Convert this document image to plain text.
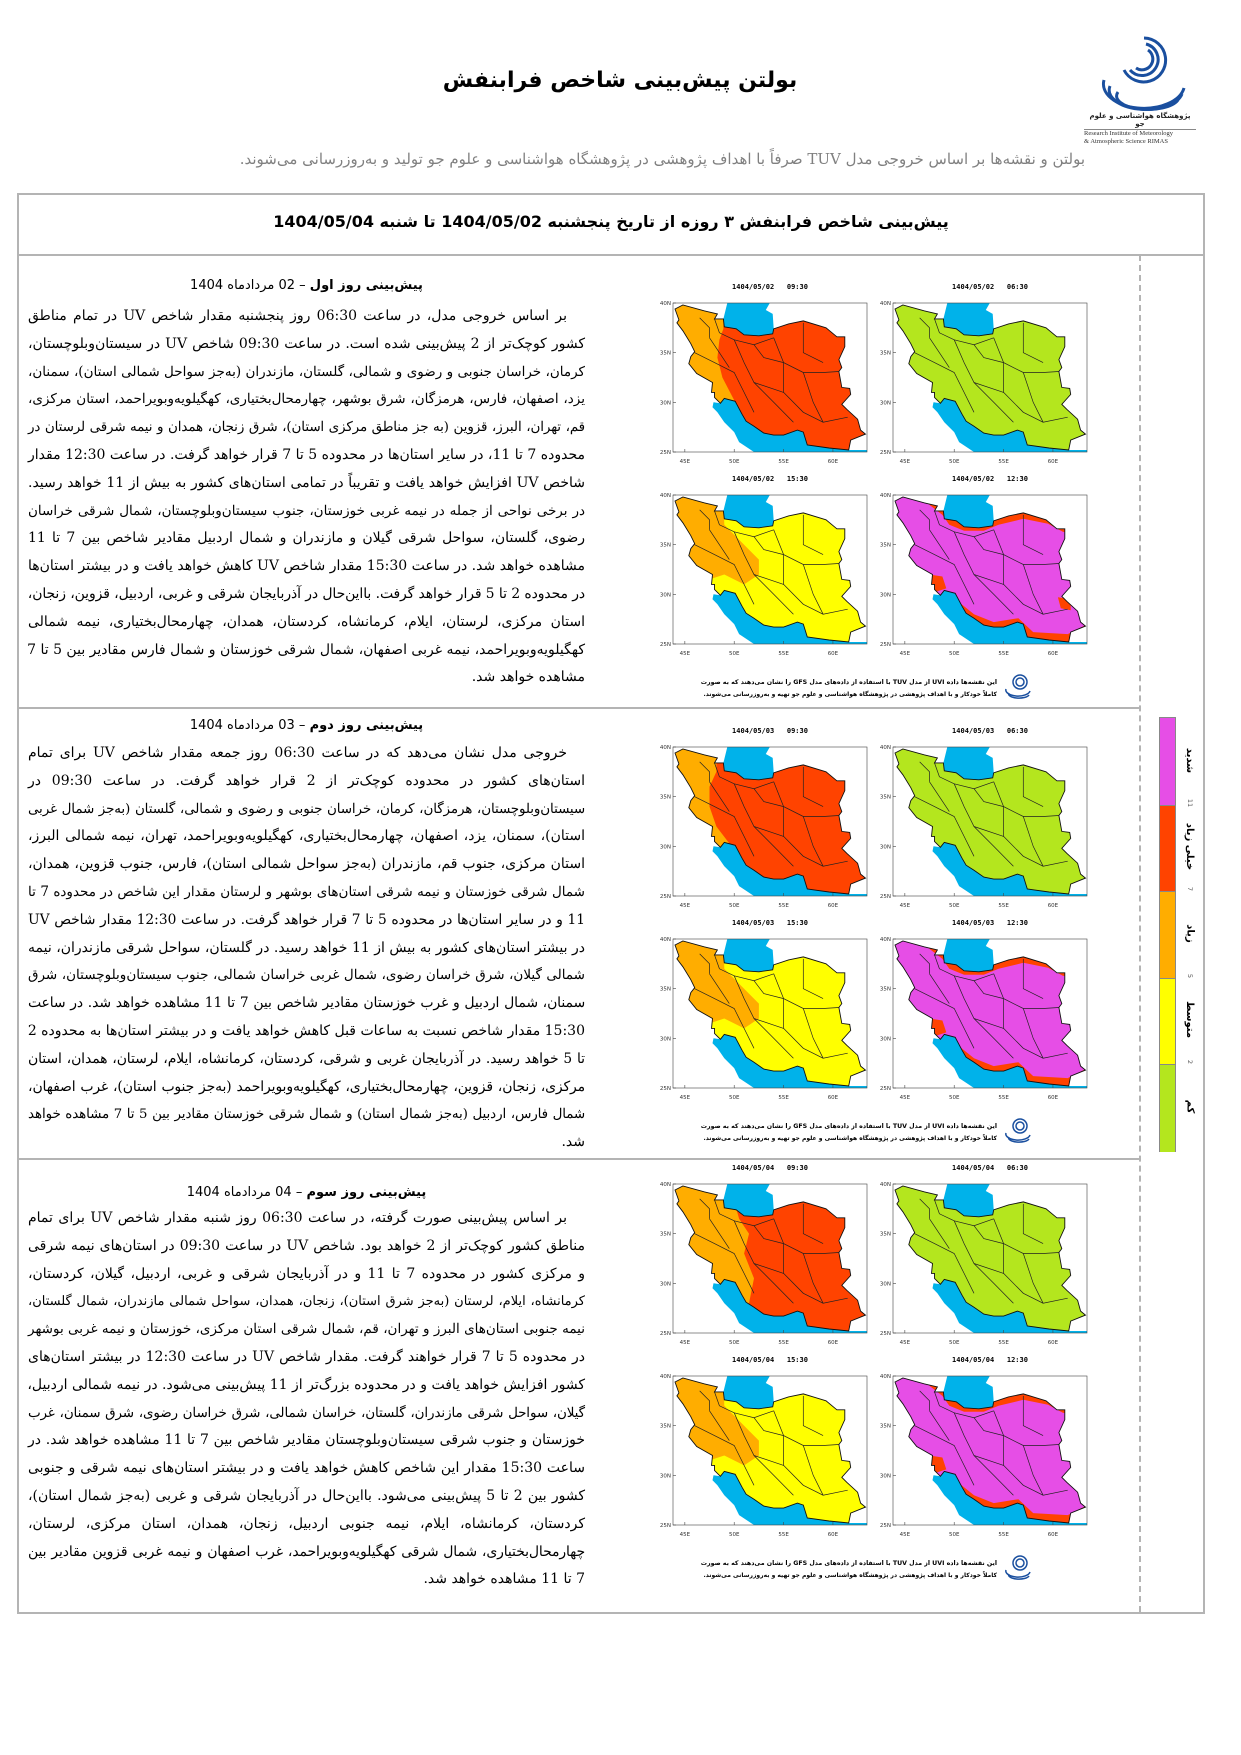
بولتن پیش‌بینی شاخص فرابنفش
پژوهشگاه هواشناسی و علوم جو
Research Institute of Meteorology
& Atmospheric Science RIMAS
بولتن و نقشه‌ها بر اساس خروجی مدل TUV صرفاً با اهداف پژوهشی در پژوهشگاه هواشناسی و علوم جو تولید و به‌روزرسانی می‌شوند.
پیش‌بینی شاخص فرابنفش ۳ روزه از تاریخ پنجشنبه 1404/05/02 تا شنبه 1404/05/04
پیش‌بینی روز اول – 02 مردادماه 1404
بر اساس خروجی مدل، در ساعت 06:30 روز پنجشنبه مقدار شاخص UV در تمام مناطق
کشور کوچک‌تر از 2 پیش‌بینی شده است. در ساعت 09:30 شاخص UV در سیستان‌وبلوچستان،
کرمان، خراسان جنوبی و رضوی و شمالی، گلستان، مازندران (به‌جز سواحل شمالی استان)، سمنان،
یزد، اصفهان، فارس، هرمزگان، شرق بوشهر، چهارمحال‌بختیاری، کهگیلویه‌وبویراحمد، استان مرکزی،
قم، تهران، البرز، قزوین (به جز مناطق مرکزی استان)، شرق زنجان، همدان و نیمه شرقی لرستان در
محدوده 7 تا 11، در سایر استان‌ها در محدوده 5 تا 7 قرار خواهد گرفت. در ساعت 12:30 مقدار
شاخص UV افزایش خواهد یافت و تقریباً در تمامی استان‌های کشور به بیش از 11 خواهد رسید.
در برخی نواحی از جمله در نیمه غربی خوزستان، جنوب سیستان‌وبلوچستان، شمال شرقی خراسان
رضوی، گلستان، سواحل شرقی گیلان و مازندران و شمال اردبیل مقادیر شاخص بین 7 تا 11
مشاهده خواهد شد. در ساعت 15:30 مقدار شاخص UV کاهش خواهد یافت و در بیشتر استان‌ها
در محدوده 2 تا 5 قرار خواهد گرفت. بااین‌حال در آذربایجان شرقی و غربی، اردبیل، قزوین، زنجان،
استان مرکزی، لرستان، ایلام، کرمانشاه، کردستان، همدان، چهارمحال‌بختیاری، نیمه شمالی
کهگیلویه‌وبویراحمد، نیمه غربی اصفهان، شمال شرقی خوزستان و شمال فارس مقادیر بین 5 تا 7
مشاهده خواهد شد.
1404/05/02 09:30
40N
35N
30N
25N
45E	50E	55E	60E
1404/05/02 06:30
40N
35N
30N
25N
45E	50E	55E	60E
1404/05/02 15:30
40N
35N
30N
25N
45E	50E	55E	60E
1404/05/02 12:30
40N
35N
30N
25N
45E	50E	55E	60E
این نقشه‌ها داده UVI از مدل TUV با استفاده از داده‌های مدل GFS را نشان می‌دهند که به صورت
کاملاً خودکار و با اهداف پژوهشی در پژوهشگاه هواشناسی و علوم جو تهیه و به‌روزرسانی می‌شوند.
پیش‌بینی روز دوم – 03 مردادماه 1404
خروجی مدل نشان می‌دهد که در ساعت 06:30 روز جمعه مقدار شاخص UV برای تمام
استان‌های کشور در محدوده کوچک‌تر از 2 قرار خواهد گرفت. در ساعت 09:30 در
سیستان‌وبلوچستان، هرمزگان، کرمان، خراسان جنوبی و رضوی و شمالی، گلستان (به‌جز شمال غربی
استان)، سمنان، یزد، اصفهان، چهارمحال‌بختیاری، کهگیلویه‌وبویراحمد، تهران، نیمه شمالی البرز،
استان مرکزی، جنوب قم، مازندران (به‌جز سواحل شمالی استان)، فارس، جنوب قزوین، همدان،
شمال شرقی خوزستان و نیمه شرقی استان‌های بوشهر و لرستان مقدار این شاخص در محدوده 7 تا
11 و در سایر استان‌ها در محدوده 5 تا 7 قرار خواهد گرفت. در ساعت 12:30 مقدار شاخص UV
در بیشتر استان‌های کشور به بیش از 11 خواهد رسید. در گلستان، سواحل شرقی مازندران، نیمه
شمالی گیلان، شرق خراسان رضوی، شمال غربی خراسان شمالی، جنوب سیستان‌وبلوچستان، شرق
سمنان، شمال اردبیل و غرب خوزستان مقادیر شاخص بین 7 تا 11 مشاهده خواهد شد. در ساعت
15:30 مقدار شاخص نسبت به ساعات قبل کاهش خواهد یافت و در بیشتر استان‌ها به محدوده 2
تا 5 خواهد رسید. در آذربایجان غربی و شرقی، کردستان، کرمانشاه، ایلام، لرستان، همدان، استان
مرکزی، زنجان، قزوین، چهارمحال‌بختیاری، کهگیلویه‌وبویراحمد (به‌جز جنوب استان)، غرب اصفهان،
شمال فارس، اردبیل (به‌جز شمال استان) و شمال شرقی خوزستان مقادیر بین 5 تا 7 مشاهده خواهد
شد.
1404/05/03 09:30
40N
35N
30N
25N
45E	50E	55E	60E
1404/05/03 06:30
40N
35N
30N
25N
45E	50E	55E	60E
1404/05/03 15:30
40N
35N
30N
25N
45E	50E	55E	60E
1404/05/03 12:30
40N
35N
30N
25N
45E	50E	55E	60E
این نقشه‌ها داده UVI از مدل TUV با استفاده از داده‌های مدل GFS را نشان می‌دهند که به صورت
کاملاً خودکار و با اهداف پژوهشی در پژوهشگاه هواشناسی و علوم جو تهیه و به‌روزرسانی می‌شوند.
پیش‌بینی روز سوم – 04 مردادماه 1404
بر اساس پیش‌بینی صورت گرفته، در ساعت 06:30 روز شنبه مقدار شاخص UV برای تمام
مناطق کشور کوچک‌تر از 2 خواهد بود. شاخص UV در ساعت 09:30 در استان‌های نیمه شرقی
و مرکزی کشور در محدوده 7 تا 11 و در آذربایجان شرقی و غربی، اردبیل، گیلان، کردستان،
کرمانشاه، ایلام، لرستان (به‌جز شرق استان)، زنجان، همدان، سواحل شمالی مازندران، شمال گلستان،
نیمه جنوبی استان‌های البرز و تهران، قم، شمال شرقی استان مرکزی، خوزستان و نیمه غربی بوشهر
در محدوده 5 تا 7 قرار خواهند گرفت. مقدار شاخص UV در ساعت 12:30 در بیشتر استان‌های
کشور افزایش خواهد یافت و در محدوده بزرگ‌تر از 11 پیش‌بینی می‌شود. در نیمه شمالی اردبیل،
گیلان، سواحل شرقی مازندران، گلستان، خراسان شمالی، شرق خراسان رضوی، شرق سمنان، غرب
خوزستان و جنوب شرقی سیستان‌وبلوچستان مقادیر شاخص بین 7 تا 11 مشاهده خواهد شد. در
ساعت 15:30 مقدار این شاخص کاهش خواهد یافت و در بیشتر استان‌های نیمه شرقی و جنوبی
کشور بین 2 تا 5 پیش‌بینی می‌شود. بااین‌حال در آذربایجان شرقی و غربی (به‌جز شمال استان)،
کردستان، کرمانشاه، ایلام، نیمه جنوبی اردبیل، زنجان، همدان، استان مرکزی، لرستان،
چهارمحال‌بختیاری، شمال شرقی کهگیلویه‌وبویراحمد، غرب اصفهان و نیمه غربی قزوین مقادیر بین
7 تا 11 مشاهده خواهد شد.
1404/05/04 09:30
40N
35N
30N
25N
45E	50E	55E	60E
1404/05/04 06:30
40N
35N
30N
25N
45E	50E	55E	60E
1404/05/04 15:30
40N
35N
30N
25N
45E	50E	55E	60E
1404/05/04 12:30
40N
35N
30N
25N
45E	50E	55E	60E
این نقشه‌ها داده UVI از مدل TUV با استفاده از داده‌های مدل GFS را نشان می‌دهند که به صورت
کاملاً خودکار و با اهداف پژوهشی در پژوهشگاه هواشناسی و علوم جو تهیه و به‌روزرسانی می‌شوند.
شدید
خیلی زیاد
زیاد
متوسط
کم
11
7
5
2
